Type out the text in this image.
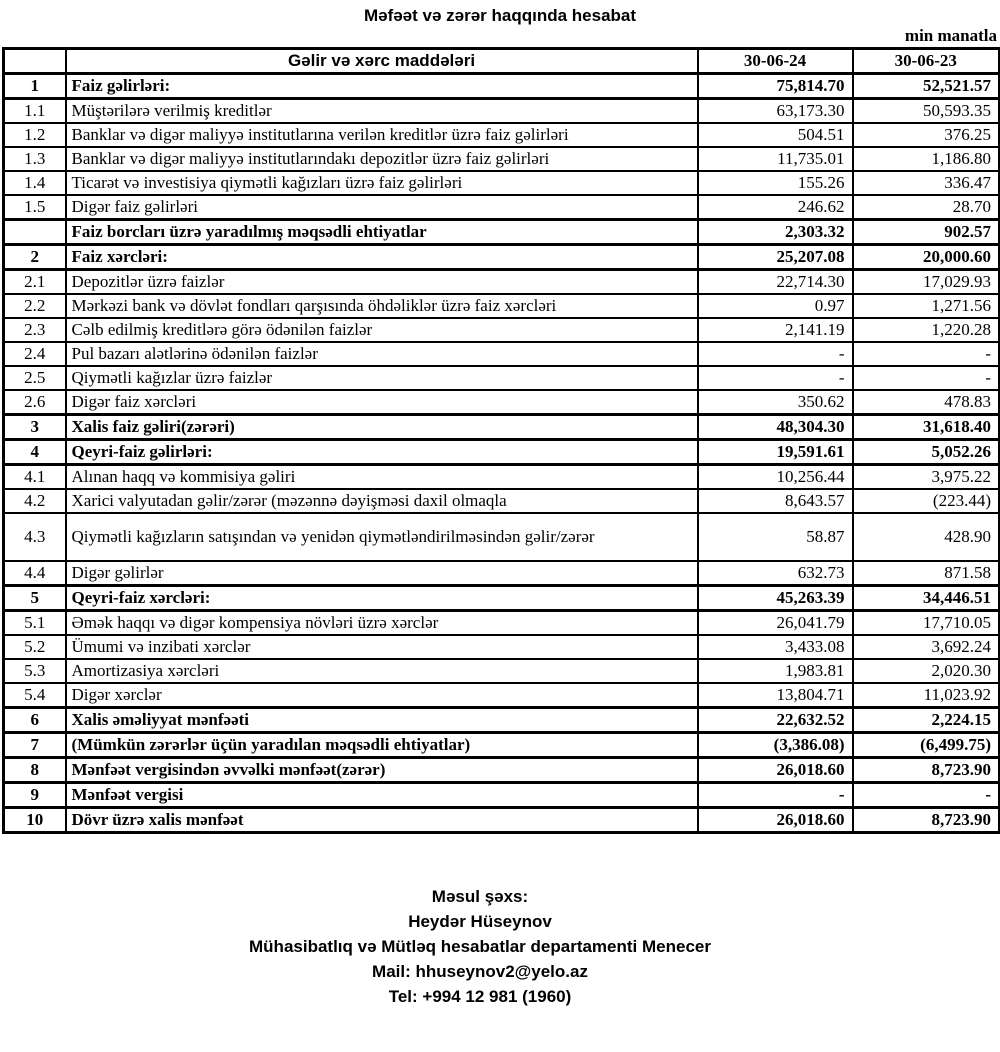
Məfəət və zərər haqqında hesabat
min manatla
	Gəlir və xərc maddələri	30-06-24	30-06-23
1	Faiz gəlirləri:	75,814.70	52,521.57
1.1	Müştərilərə verilmiş kreditlər	63,173.30	50,593.35
1.2	Banklar və digər maliyyə institutlarına verilən kreditlər üzrə faiz gəlirləri	504.51	376.25
1.3	Banklar və digər maliyyə institutlarındakı depozitlər üzrə faiz gəlirləri	11,735.01	1,186.80
1.4	Ticarət və investisiya qiymətli kağızları üzrə faiz gəlirləri	155.26	336.47
1.5	Digər faiz gəlirləri	246.62	28.70
	Faiz borcları üzrə yaradılmış məqsədli ehtiyatlar	2,303.32	902.57
2	Faiz xərcləri:	25,207.08	20,000.60
2.1	Depozitlər üzrə faizlər	22,714.30	17,029.93
2.2	Mərkəzi bank və dövlət fondları qarşısında öhdəliklər üzrə faiz xərcləri	0.97	1,271.56
2.3	Cəlb edilmiş kreditlərə görə ödənilən faizlər	2,141.19	1,220.28
2.4	Pul bazarı alətlərinə ödənilən faizlər	-	-
2.5	Qiymətli kağızlar üzrə faizlər	-	-
2.6	Digər faiz xərcləri	350.62	478.83
3	Xalis faiz gəliri(zərəri)	48,304.30	31,618.40
4	Qeyri-faiz gəlirləri:	19,591.61	5,052.26
4.1	Alınan haqq və kommisiya gəliri	10,256.44	3,975.22
4.2	Xarici valyutadan gəlir/zərər (məzənnə dəyişməsi daxil olmaqla	8,643.57	(223.44)
4.3	Qiymətli kağızların satışından və yenidən qiymətləndirilməsindən gəlir/zərər	58.87	428.90
4.4	Digər gəlirlər	632.73	871.58
5	Qeyri-faiz xərcləri:	45,263.39	34,446.51
5.1	Əmək haqqı və digər kompensiya növləri üzrə xərclər	26,041.79	17,710.05
5.2	Ümumi və inzibati xərclər	3,433.08	3,692.24
5.3	Amortizasiya xərcləri	1,983.81	2,020.30
5.4	Digər xərclər	13,804.71	11,023.92
6	Xalis əməliyyat mənfəəti	22,632.52	2,224.15
7	(Mümkün zərərlər üçün yaradılan məqsədli ehtiyatlar)	(3,386.08)	(6,499.75)
8	Mənfəət vergisindən əvvəlki mənfəət(zərər)	26,018.60	8,723.90
9	Mənfəət vergisi	-	-
10	Dövr üzrə xalis mənfəət	26,018.60	8,723.90
Məsul şəxs:
Heydər Hüseynov
Mühasibatlıq və Mütləq hesabatlar departamenti Menecer
Mail: hhuseynov2@yelo.az
Tel: +994 12 981 (1960)
